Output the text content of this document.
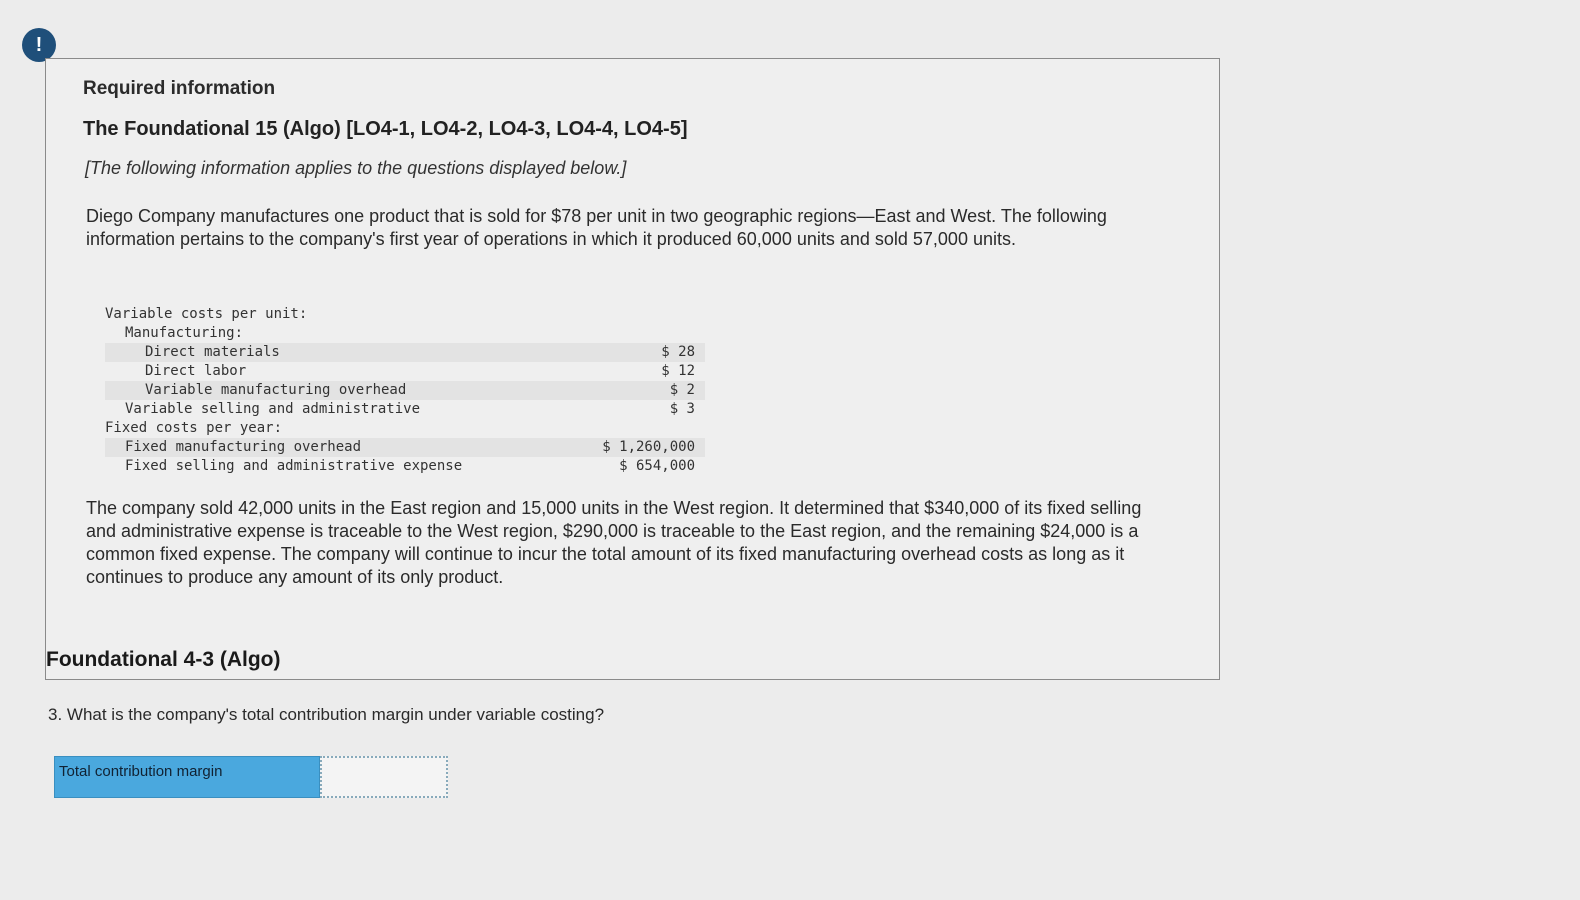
!
Required information
The Foundational 15 (Algo) [LO4-1, LO4-2, LO4-3, LO4-4, LO4-5]
[The following information applies to the questions displayed below.]
Diego Company manufactures one product that is sold for $78 per unit in two geographic regions—East and West. The following information pertains to the company's first year of operations in which it produced 60,000 units and sold 57,000 units.
Variable costs per unit:
Manufacturing:
Direct materials	$ 28
Direct labor	$ 12
Variable manufacturing overhead	$ 2
Variable selling and administrative	$ 3
Fixed costs per year:
Fixed manufacturing overhead	$ 1,260,000
Fixed selling and administrative expense	$ 654,000
The company sold 42,000 units in the East region and 15,000 units in the West region. It determined that $340,000 of its fixed selling and administrative expense is traceable to the West region, $290,000 is traceable to the East region, and the remaining $24,000 is a common fixed expense. The company will continue to incur the total amount of its fixed manufacturing overhead costs as long as it continues to produce any amount of its only product.
Foundational 4-3 (Algo)
3. What is the company's total contribution margin under variable costing?
Total contribution margin
